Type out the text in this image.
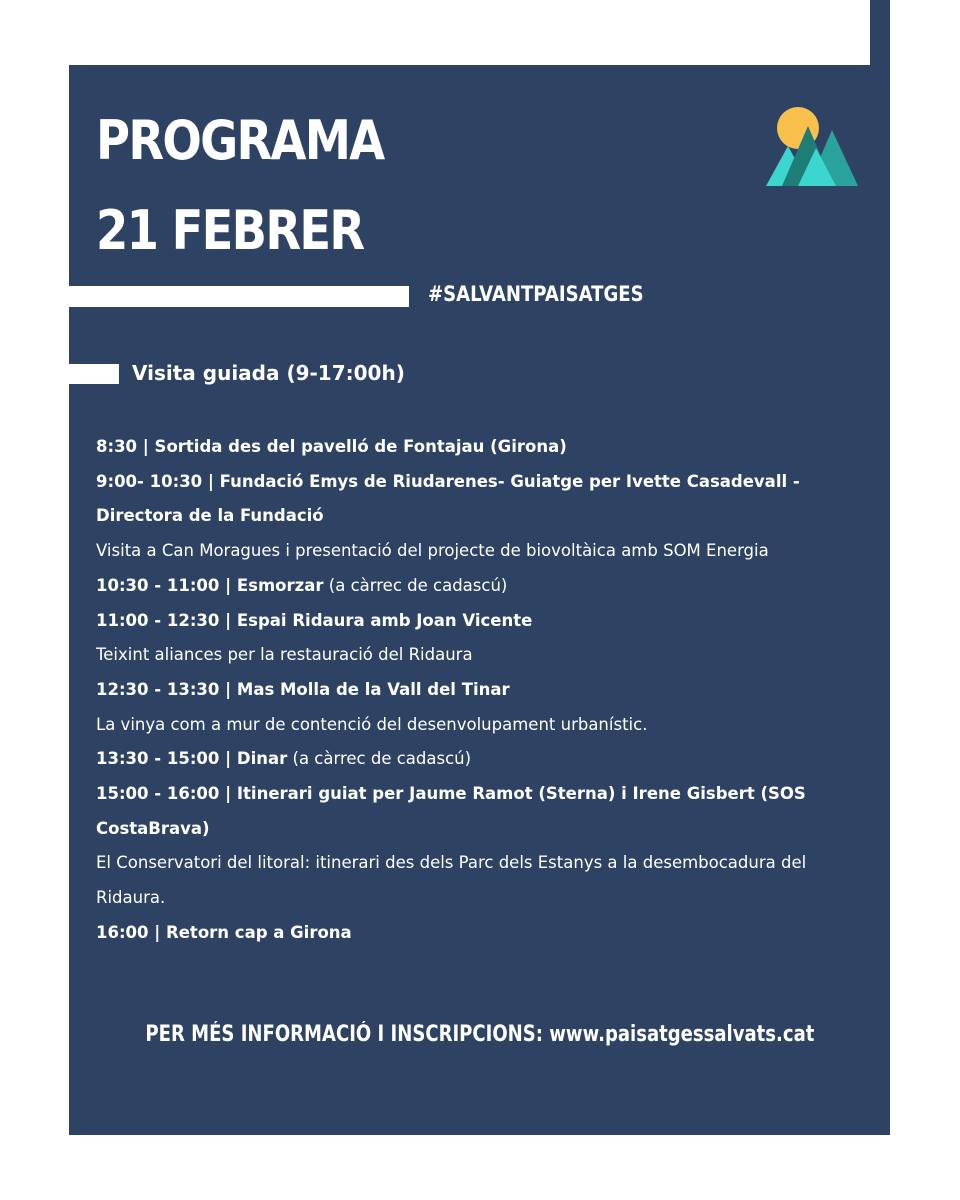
PROGRAMA
21 FEBRER
#SALVANTPAISATGES
Visita guiada (9-17:00h)

8:30 | Sortida des del pavelló de Fontajau (Girona)

9:00- 10:30 | Fundació Emys de Riudarenes- Guiatge per Ivette Casadevall - Directora de la Fundació

Visita a Can Moragues i presentació del projecte de biovoltàica amb SOM Energia

10:30 - 11:00 | Esmorzar (a càrrec de cadascú)

11:00 - 12:30 | Espai Ridaura amb Joan Vicente

Teixint aliances per la restauració del Ridaura

12:30 - 13:30 | Mas Molla de la Vall del Tinar

La vinya com a mur de contenció del desenvolupament urbanístic.

13:30 - 15:00 | Dinar (a càrrec de cadascú)

15:00 - 16:00 | Itinerari guiat per Jaume Ramot (Sterna) i Irene Gisbert (SOS CostaBrava)

El Conservatori del litoral: itinerari des dels Parc dels Estanys a la desembocadura del Ridaura.

16:00 | Retorn cap a Girona

PER MÉS INFORMACIÓ I INSCRIPCIONS: www.paisatgessalvats.cat
